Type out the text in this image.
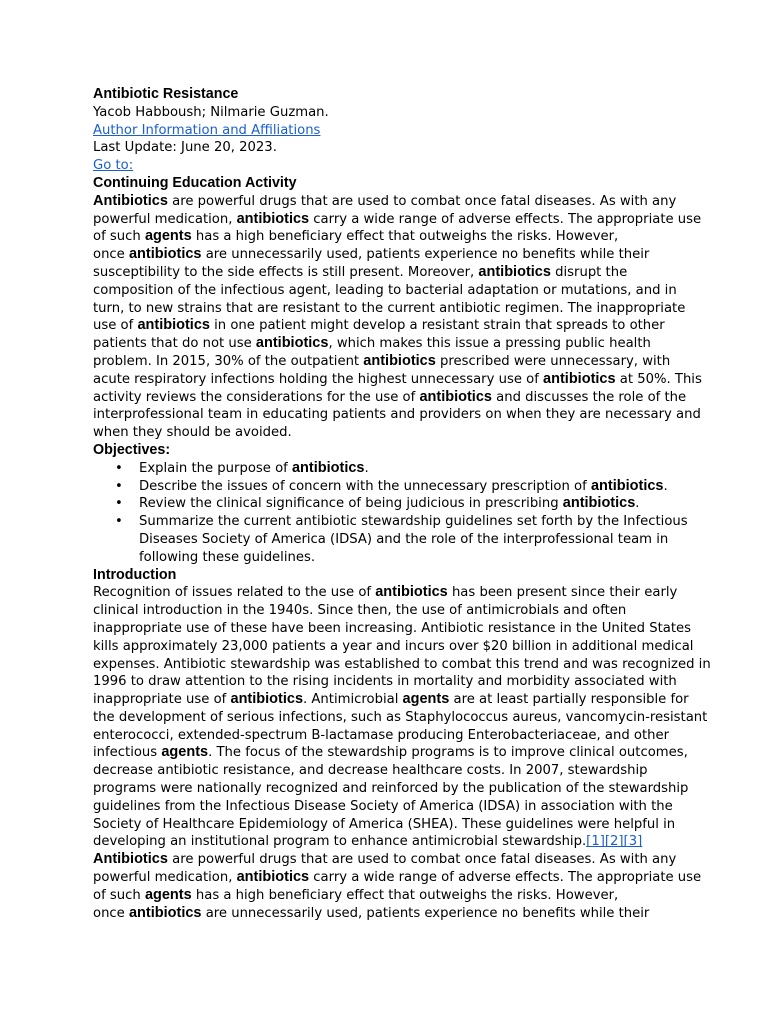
Antibiotic Resistance
Yacob Habboush; Nilmarie Guzman.
Author Information and Affiliations
Last Update: June 20, 2023.
Go to:
Continuing Education Activity
Antibiotics are powerful drugs that are used to combat once fatal diseases. As with any
powerful medication, antibiotics carry a wide range of adverse effects. The appropriate use
of such agents has a high beneficiary effect that outweighs the risks. However,
once antibiotics are unnecessarily used, patients experience no benefits while their
susceptibility to the side effects is still present. Moreover, antibiotics disrupt the
composition of the infectious agent, leading to bacterial adaptation or mutations, and in
turn, to new strains that are resistant to the current antibiotic regimen. The inappropriate
use of antibiotics in one patient might develop a resistant strain that spreads to other
patients that do not use antibiotics, which makes this issue a pressing public health
problem. In 2015, 30% of the outpatient antibiotics prescribed were unnecessary, with
acute respiratory infections holding the highest unnecessary use of antibiotics at 50%. This
activity reviews the considerations for the use of antibiotics and discusses the role of the
interprofessional team in educating patients and providers on when they are necessary and
when they should be avoided.
Objectives:
• Explain the purpose of antibiotics.
• Describe the issues of concern with the unnecessary prescription of antibiotics.
• Review the clinical significance of being judicious in prescribing antibiotics.
• Summarize the current antibiotic stewardship guidelines set forth by the Infectious
Diseases Society of America (IDSA) and the role of the interprofessional team in
following these guidelines.
Introduction
Recognition of issues related to the use of antibiotics has been present since their early
clinical introduction in the 1940s. Since then, the use of antimicrobials and often
inappropriate use of these have been increasing. Antibiotic resistance in the United States
kills approximately 23,000 patients a year and incurs over $20 billion in additional medical
expenses. Antibiotic stewardship was established to combat this trend and was recognized in
1996 to draw attention to the rising incidents in mortality and morbidity associated with
inappropriate use of antibiotics. Antimicrobial agents are at least partially responsible for
the development of serious infections, such as Staphylococcus aureus, vancomycin-resistant
enterococci, extended-spectrum B-lactamase producing Enterobacteriaceae, and other
infectious agents. The focus of the stewardship programs is to improve clinical outcomes,
decrease antibiotic resistance, and decrease healthcare costs. In 2007, stewardship
programs were nationally recognized and reinforced by the publication of the stewardship
guidelines from the Infectious Disease Society of America (IDSA) in association with the
Society of Healthcare Epidemiology of America (SHEA). These guidelines were helpful in
developing an institutional program to enhance antimicrobial stewardship.[1][2][3]
Antibiotics are powerful drugs that are used to combat once fatal diseases. As with any
powerful medication, antibiotics carry a wide range of adverse effects. The appropriate use
of such agents has a high beneficiary effect that outweighs the risks. However,
once antibiotics are unnecessarily used, patients experience no benefits while their
